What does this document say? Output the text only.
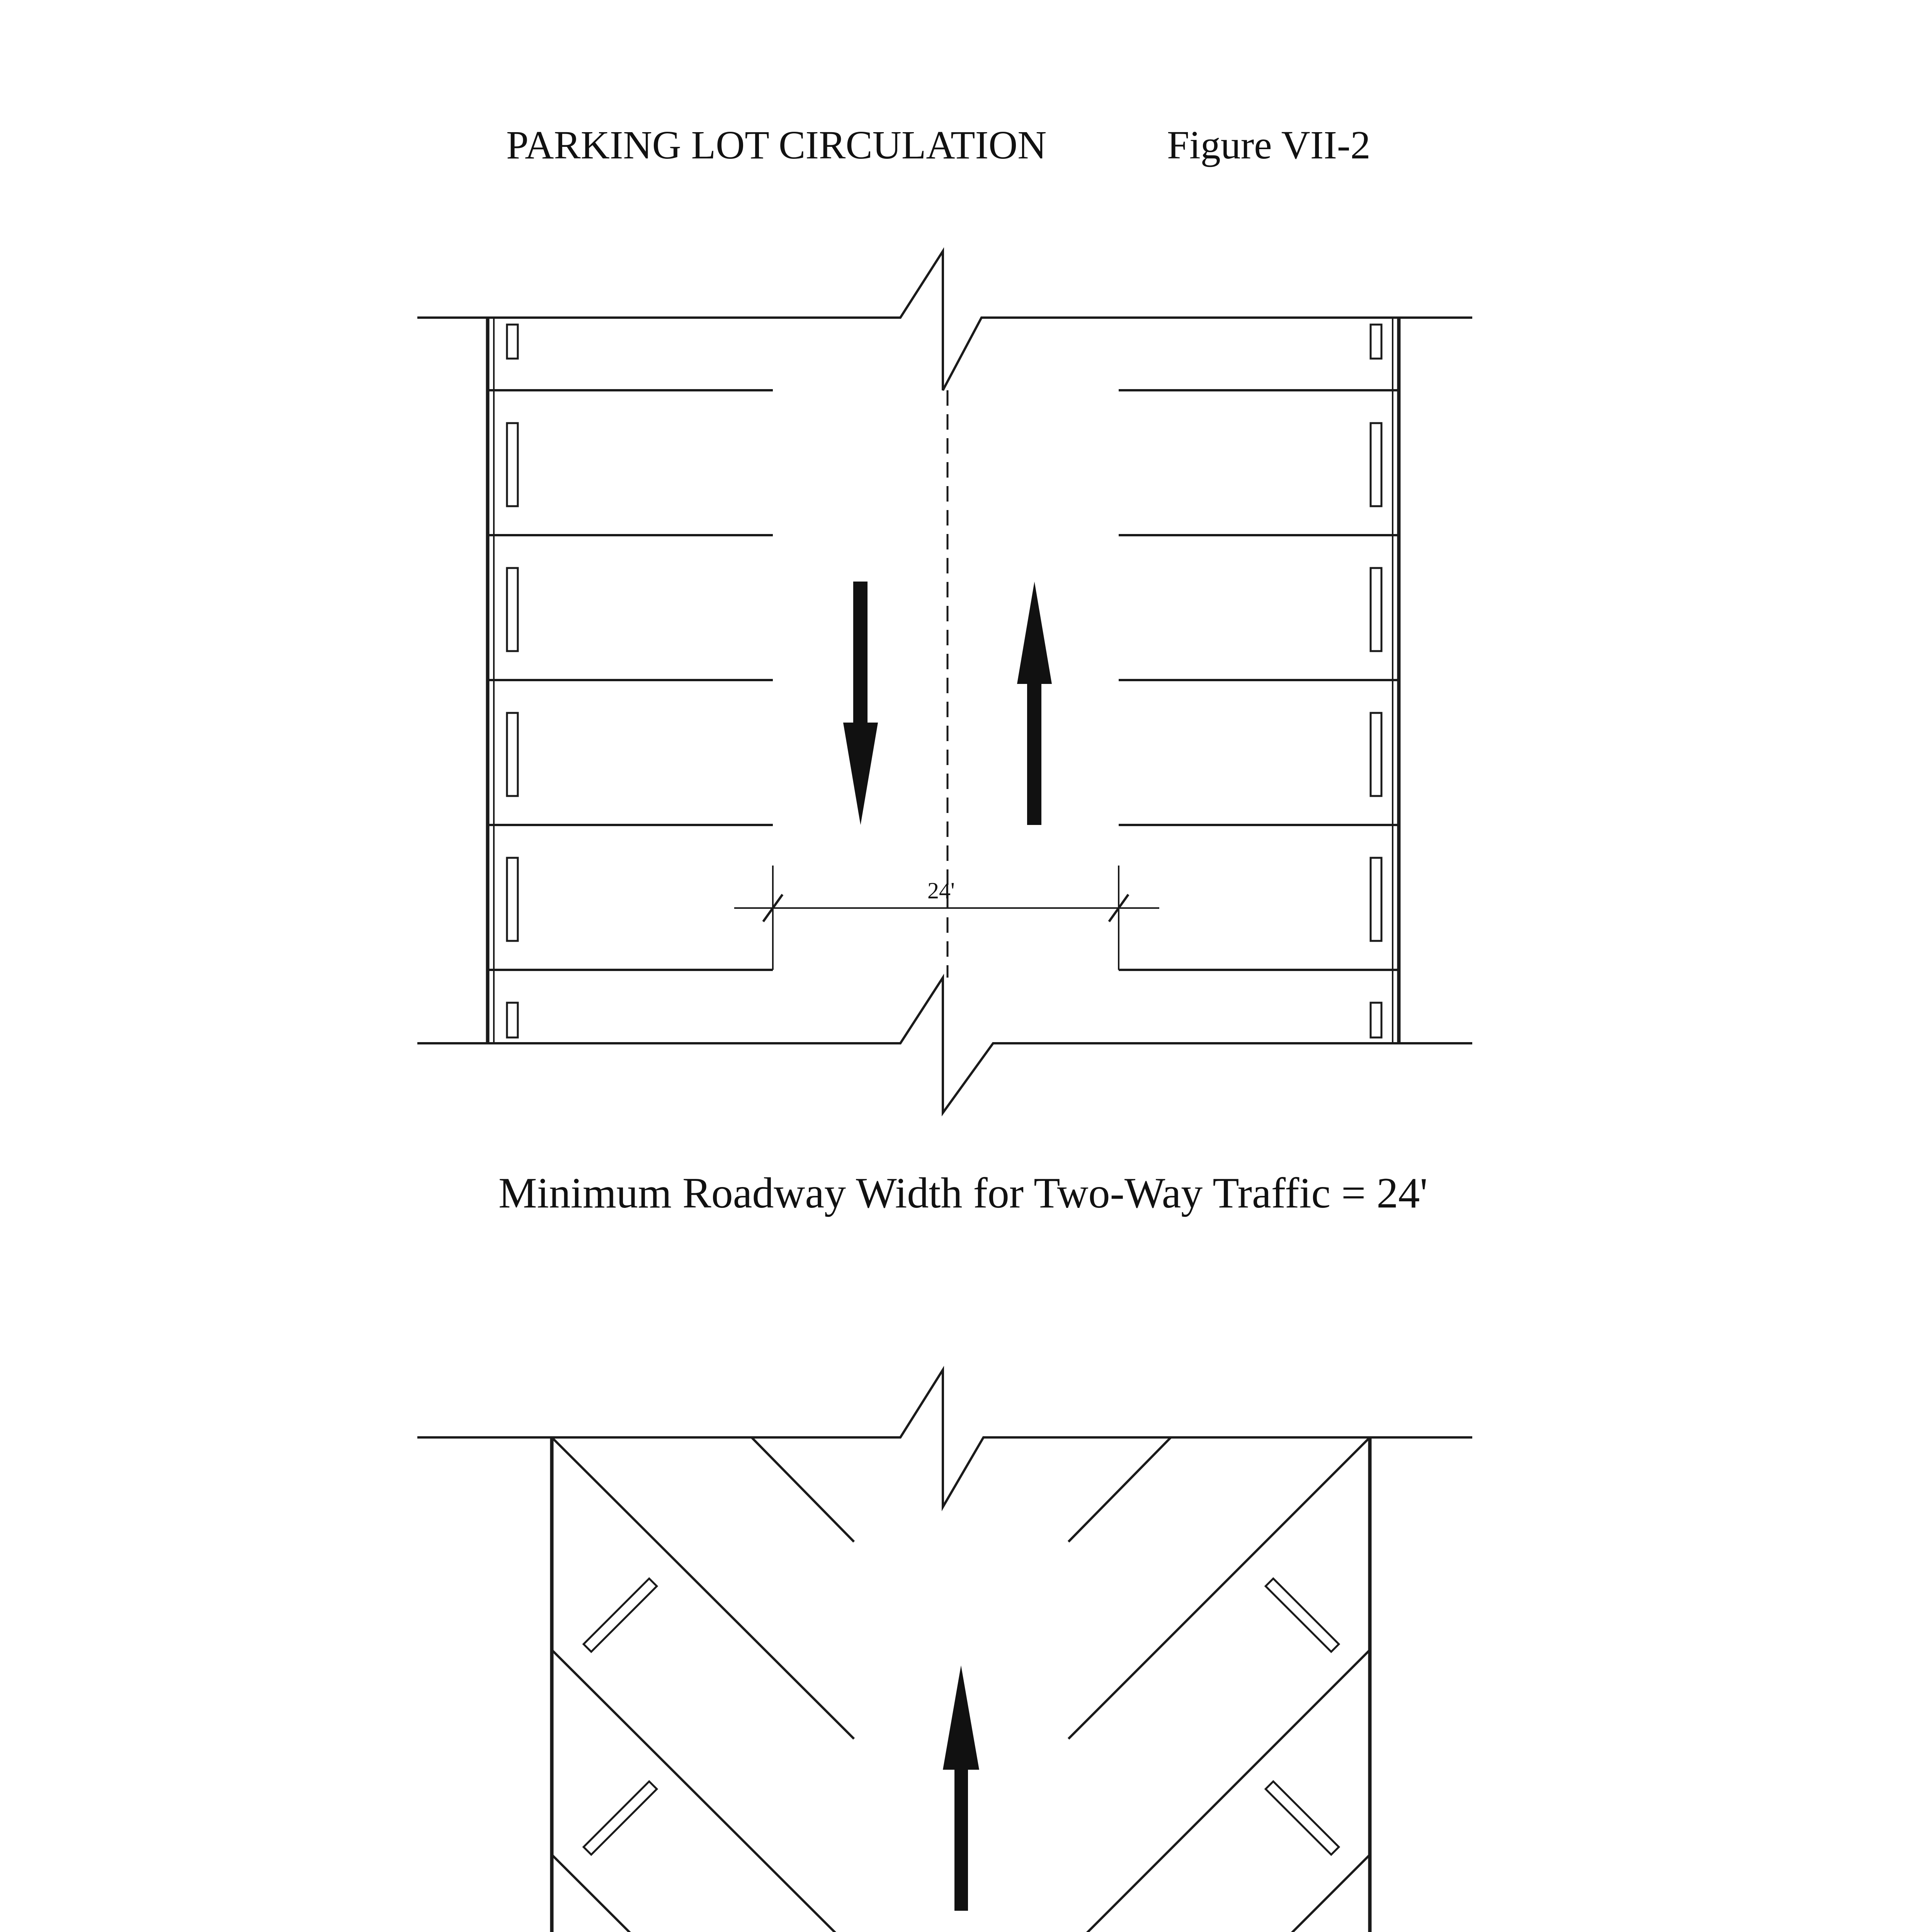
PARKING LOT CIRCULATION	Figure VII-2
24'
Minimum Roadway Width for Two-Way Traffic = 24'
